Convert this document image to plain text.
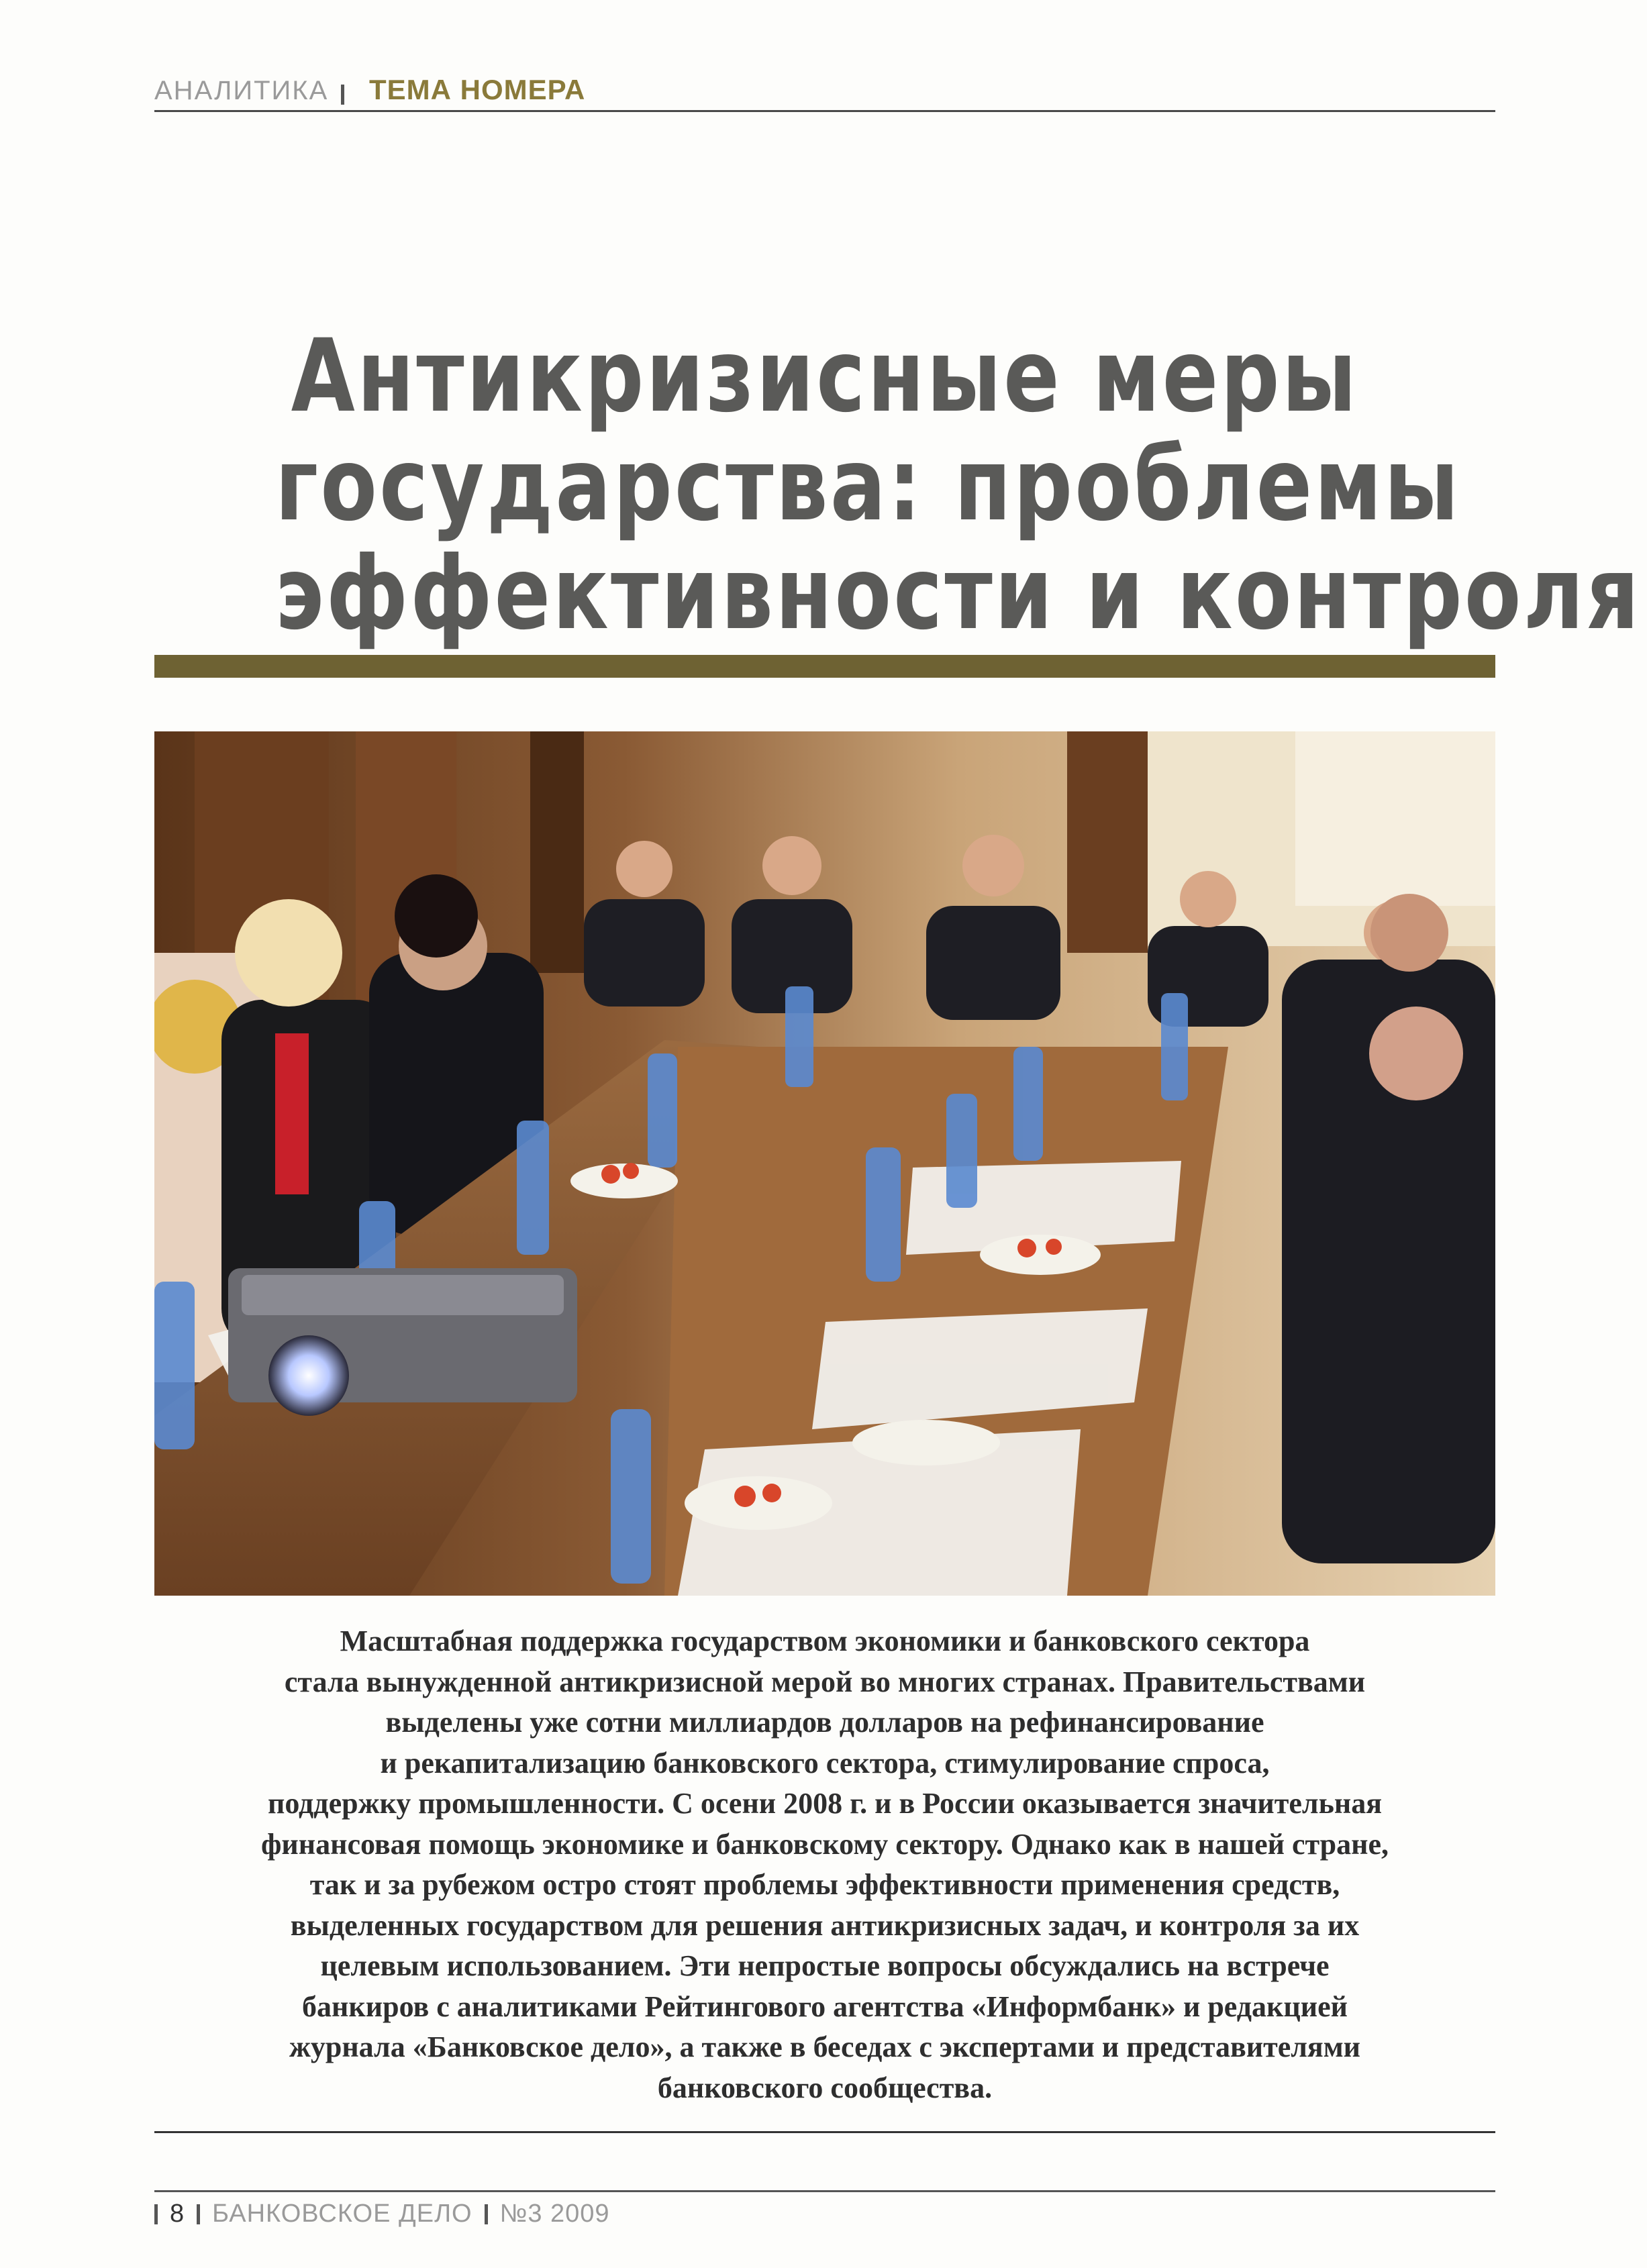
АНАЛИТИКА ТЕМА НОМЕРА
Антикризисные меры
государства: проблемы
эффективности и контроля
Масштабная поддержка государством экономики и банковского сектора
стала вынужденной антикризисной мерой во многих странах. Правительствами
выделены уже сотни миллиардов долларов на рефинансирование
и рекапитализацию банковского сектора, стимулирование спроса,
поддержку промышленности. С осени 2008 г. и в России оказывается значительная
финансовая помощь экономике и банковскому сектору. Однако как в нашей стране,
так и за рубежом остро стоят проблемы эффективности применения средств,
выделенных государством для решения антикризисных задач, и контроля за их
целевым использованием. Эти непростые вопросы обсуждались на встрече
банкиров с аналитиками Рейтингового агентства «Информбанк» и редакцией
журнала «Банковское дело», а также в беседах с экспертами и представителями
банковского сообщества.
8 БАНКОВСКОЕ ДЕЛО №3 2009
